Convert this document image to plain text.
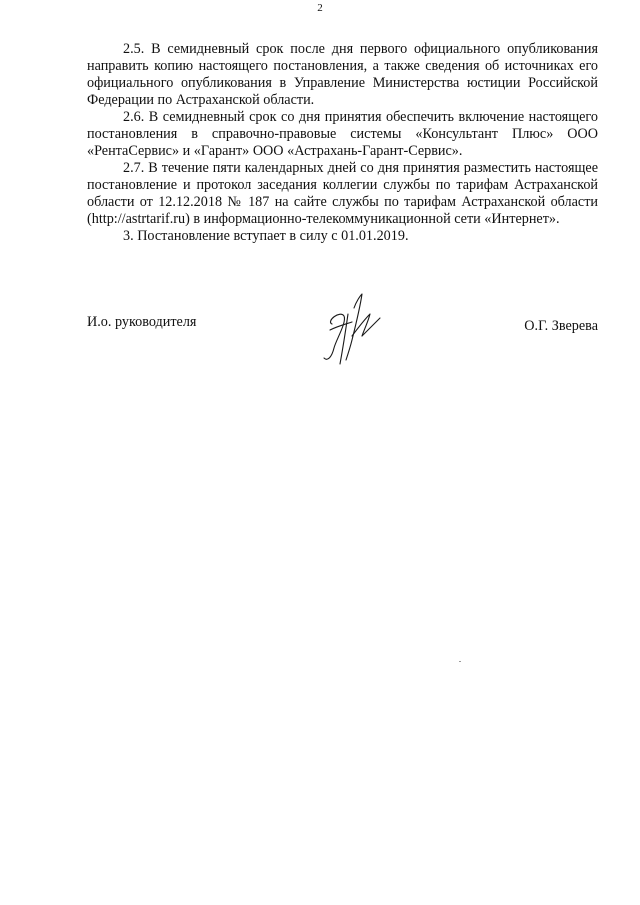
2

2.5. В семидневный срок после дня первого официального опубликования направить копию настоящего постановления, а также сведения об источниках его официального опубликования в Управление Министерства юстиции Российской Федерации по Астраханской области.

2.6. В семидневный срок со дня принятия обеспечить включение настоящего постановления в справочно-правовые системы «Консультант Плюс» ООО «РентаСервис» и «Гарант» ООО «Астрахань-Гарант-Сервис».

2.7. В течение пяти календарных дней со дня принятия разместить настоящее постановление и протокол заседания коллегии службы по тарифам Астраханской области от 12.12.2018 № 187 на сайте службы по тарифам Астраханской области (http://astrtarif.ru) в информационно-телекоммуникационной сети «Интернет».

3. Постановление вступает в силу с 01.01.2019.

И.о. руководителя	О.Г. Зверева
